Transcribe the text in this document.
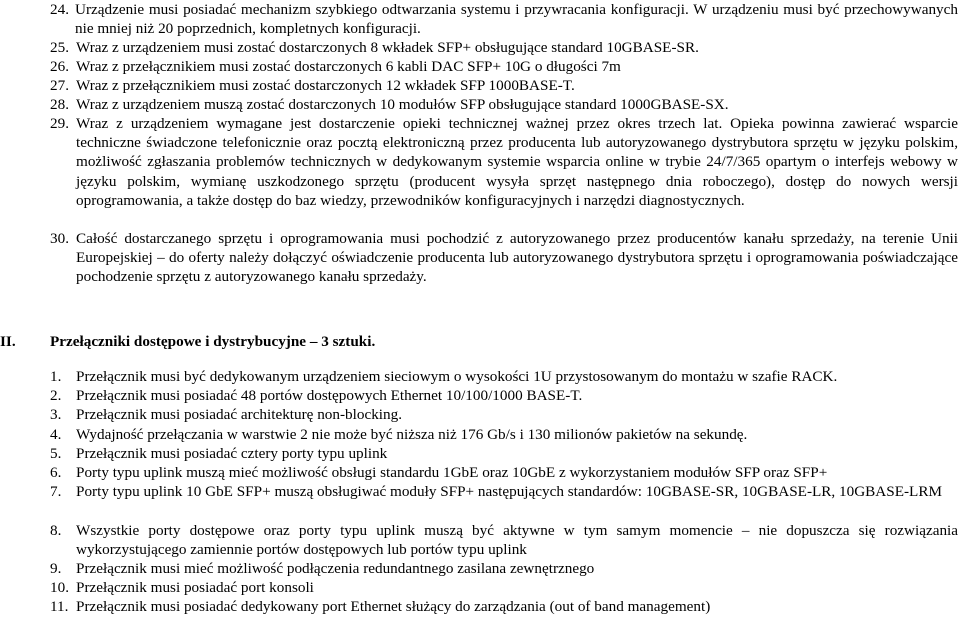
24. Urządzenie musi posiadać mechanizm szybkiego odtwarzania systemu i przywracania konfiguracji. W urządzeniu musi być przechowywanych nie mniej niż 20 poprzednich, kompletnych konfiguracji.
25. Wraz z urządzeniem musi zostać dostarczonych 8 wkładek SFP+ obsługujące standard 10GBASE-SR.
26. Wraz z przełącznikiem musi zostać dostarczonych 6 kabli DAC SFP+ 10G o długości 7m
27. Wraz z przełącznikiem musi zostać dostarczonych 12 wkładek SFP 1000BASE-T.
28. Wraz z urządzeniem muszą zostać dostarczonych 10 modułów SFP obsługujące standard 1000GBASE-SX.
29. Wraz z urządzeniem wymagane jest dostarczenie opieki technicznej ważnej przez okres trzech lat. Opieka powinna zawierać wsparcie techniczne świadczone telefonicznie oraz pocztą elektroniczną przez producenta lub autoryzowanego dystrybutora sprzętu w języku polskim, możliwość zgłaszania problemów technicznych w dedykowanym systemie wsparcia online w trybie 24/7/365 opartym o interfejs webowy w języku polskim, wymianę uszkodzonego sprzętu (producent wysyła sprzęt następnego dnia roboczego), dostęp do nowych wersji oprogramowania, a także dostęp do baz wiedzy, przewodników konfiguracyjnych i narzędzi diagnostycznych.
30. Całość dostarczanego sprzętu i oprogramowania musi pochodzić z autoryzowanego przez producentów kanału sprzedaży, na terenie Unii Europejskiej – do oferty należy dołączyć oświadczenie producenta lub autoryzowanego dystrybutora sprzętu i oprogramowania poświadczające pochodzenie sprzętu z autoryzowanego kanału sprzedaży.
II. Przełączniki dostępowe i dystrybucyjne – 3 sztuki.
1. Przełącznik musi być dedykowanym urządzeniem sieciowym o wysokości 1U przystosowanym do montażu w szafie RACK.
2. Przełącznik musi posiadać 48 portów dostępowych Ethernet 10/100/1000 BASE-T.
3. Przełącznik musi posiadać architekturę non-blocking.
4. Wydajność przełączania w warstwie 2 nie może być niższa niż 176 Gb/s i 130 milionów pakietów na sekundę.
5. Przełącznik musi posiadać cztery porty typu uplink
6. Porty typu uplink muszą mieć możliwość obsługi standardu 1GbE oraz 10GbE z wykorzystaniem modułów SFP oraz SFP+
7. Porty typu uplink 10 GbE SFP+ muszą obsługiwać moduły SFP+ następujących standardów: 10GBASE-SR, 10GBASE-LR, 10GBASE-LRM
8. Wszystkie porty dostępowe oraz porty typu uplink muszą być aktywne w tym samym momencie – nie dopuszcza się rozwiązania wykorzystującego zamiennie portów dostępowych lub portów typu uplink
9. Przełącznik musi mieć możliwość podłączenia redundantnego zasilana zewnętrznego
10. Przełącznik musi posiadać port konsoli
11. Przełącznik musi posiadać dedykowany port Ethernet służący do zarządzania (out of band management)
